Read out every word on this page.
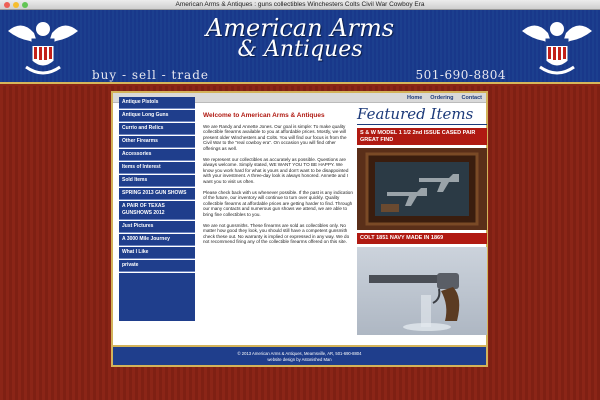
American Arms & Antiques : guns collectibles Winchesters Colts Civil War Cowboy Era
American Arms
& Antiques
buy - sell - trade	501-690-8804
Home Ordering Contact
Antique Pistols
Antique Long Guns
Currio and Relics
Other Firearms
Accessories
Items of Interest
Sold Items
SPRING 2013 GUN SHOWS
A PAIR OF TEXAS GUNSHOWS 2012
Just Pictures
A 3000 Mile Journey
What I Like
private
Welcome to American Arms & Antiques

We are Randy and Annette Jones. Our goal is simple: To make quality collectible firearms available to you at affordable prices. Mostly, we will present older Winchesters and Colts. You will find our focus is from the Civil War to the "real cowboy era". On occasion you will find other offerings as well.

We represent our collectibles as accurately as possible. Questions are always welcome. Simply stated, WE WANT YOU TO BE HAPPY. We know you work hard for what is yours and don't want to be disappointed with your investment. A three-day look is always honored. Annette and I want you to visit us often.

Please check back with us whenever possible. If the past is any indication of the future, our inventory will continue to turn over quickly. Quality collectible firearms at affordable prices are getting harder to find. Through our many contacts and numerous gun shows we attend, we are able to bring fine collectibles to you.

We are not gunsmiths. These firearms are sold as collectibles only. No matter how good they look, you should still have a competent gunsmith check these out. No warranty is implied or expressed in any way. We do not recommend firing any of the collectible firearms offered on this site.

Featured Items
S & W MODEL 1 1/2 2nd ISSUE CASED PAIR GREAT FIND
COLT 1851 NAVY MADE IN 1869
© 2013 American Arms & Antiques, Mearnsville, AR, 501-690-8804
website design by Astonished Man
